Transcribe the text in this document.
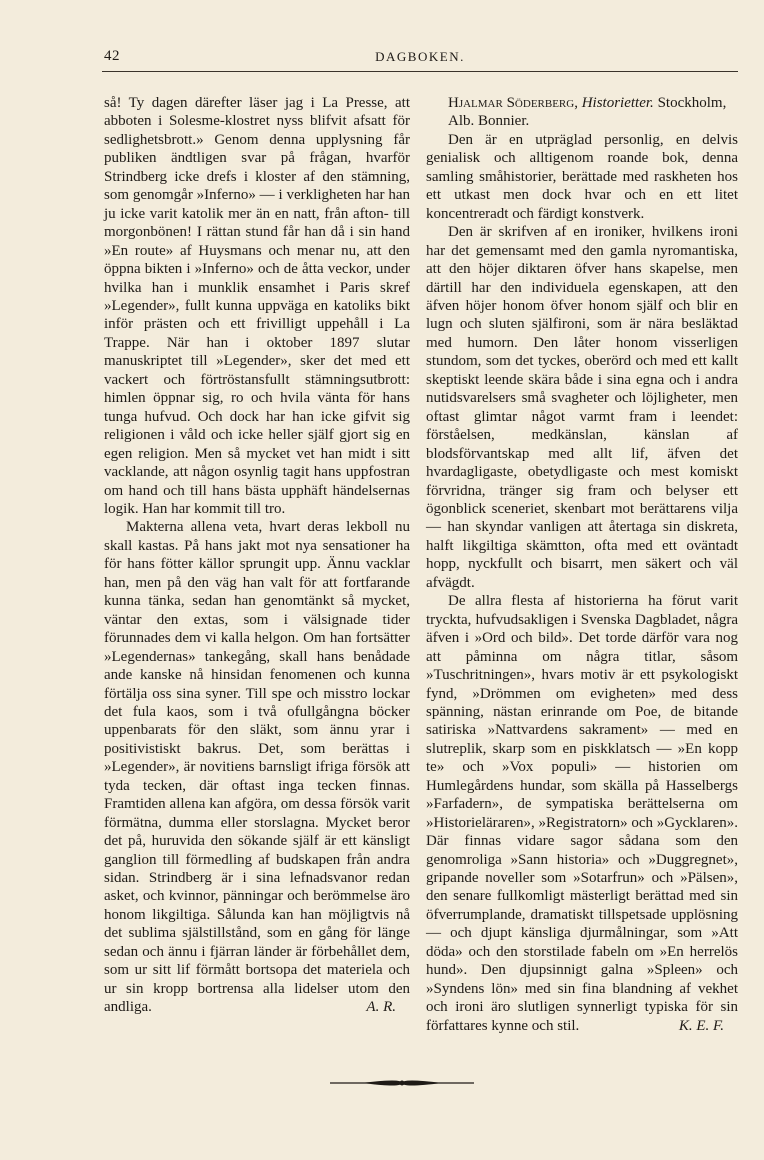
42	DAGBOKEN.

så! Ty dagen därefter läser jag i La Presse, att abboten i Solesme-klostret nyss blifvit afsatt för sedlighetsbrott.» Genom denna upplysning får publiken ändtligen svar på frågan, hvarför Strindberg icke drefs i kloster af den stämning, som genomgår »Inferno» — i verkligheten har han ju icke varit katolik mer än en natt, från afton- till morgonbönen! I rättan stund får han då i sin hand »En route» af Huysmans och menar nu, att den öppna bikten i »Inferno» och de åtta veckor, under hvilka han i munklik ensamhet i Paris skref »Legender», fullt kunna uppväga en katoliks bikt inför prästen och ett frivilligt uppehåll i La Trappe. När han i oktober 1897 slutar manuskriptet till »Legender», sker det med ett vackert och förtröstansfullt stämningsutbrott: himlen öppnar sig, ro och hvila vänta för hans tunga hufvud. Och dock har han icke gifvit sig religionen i våld och icke heller själf gjort sig en egen religion. Men så mycket vet han midt i sitt vacklande, att någon osynlig tagit hans uppfostran om hand och till hans bästa upphäft händelsernas logik. Han har kommit till tro.

Makterna allena veta, hvart deras lekboll nu skall kastas. På hans jakt mot nya sensationer ha för hans fötter källor sprungit upp. Ännu vacklar han, men på den väg han valt för att fortfarande kunna tänka, sedan han genomtänkt så mycket, väntar den extas, som i välsignade tider förunnades dem vi kalla helgon. Om han fortsätter »Legendernas» tankegång, skall hans benådade ande kanske nå hinsidan fenomenen och kunna förtälja oss sina syner. Till spe och misstro lockar det fula kaos, som i två ofullgångna böcker uppenbarats för den släkt, som ännu yrar i positivistiskt bakrus. Det, som berättas i »Legender», är novitiens barnsligt ifriga försök att tyda tecken, där oftast inga tecken finnas. Framtiden allena kan afgöra, om dessa försök varit förmätna, dumma eller storslagna. Mycket beror det på, huruvida den sökande själf är ett känsligt ganglion till förmedling af budskapen från andra sidan. Strindberg är i sina lefnadsvanor redan asket, och kvinnor, pänningar och berömmelse äro honom likgiltiga. Sålunda kan han möjligtvis nå det sublima själstillstånd, som en gång för länge sedan och ännu i fjärran länder är förbehållet dem, som ur sitt lif förmått bortsopa det materiela och ur sin kropp bortrensa alla lidelser utom den andliga.	A. R.

Hjalmar Söderberg, Historietter. Stockholm, Alb. Bonnier.

Den är en utpräglad personlig, en delvis genialisk och alltigenom roande bok, denna samling småhistorier, berättade med raskheten hos ett utkast men dock hvar och en ett litet koncentreradt och färdigt konstverk.

Den är skrifven af en ironiker, hvilkens ironi har det gemensamt med den gamla nyromantiska, att den höjer diktaren öfver hans skapelse, men därtill har den individuela egenskapen, att den äfven höjer honom öfver honom själf och blir en lugn och sluten själfironi, som är nära besläktad med humorn. Den låter honom visserligen stundom, som det tyckes, oberörd och med ett kallt skeptiskt leende skära både i sina egna och i andra nutidsvarelsers små svagheter och löjligheter, men oftast glimtar något varmt fram i leendet: förståelsen, medkänslan, känslan af blodsförvantskap med allt lif, äfven det hvardagligaste, obetydligaste och mest komiskt förvridna, tränger sig fram och belyser ett ögonblick sceneriet, skenbart mot berättarens vilja — han skyndar vanligen att återtaga sin diskreta, halft likgiltiga skämtton, ofta med ett oväntadt hopp, nyckfullt och bisarrt, men säkert och väl afvägdt.

De allra flesta af historierna ha förut varit tryckta, hufvudsakligen i Svenska Dagbladet, några äfven i »Ord och bild». Det torde därför vara nog att påminna om några titlar, såsom »Tuschritningen», hvars motiv är ett psykologiskt fynd, »Drömmen om evigheten» med dess spänning, nästan erinrande om Poe, de bitande satiriska »Nattvardens sakrament» — med en slutreplik, skarp som en piskklatsch — »En kopp te» och »Vox populi» — historien om Humlegårdens hundar, som skälla på Hasselbergs »Farfadern», de sympatiska berättelserna om »Historieläraren», »Registratorn» och »Gycklaren». Där finnas vidare sagor sådana som den genomroliga »Sann historia» och »Duggregnet», gripande noveller som »Sotarfrun» och »Pälsen», den senare fullkomligt mästerligt berättad med sin öfverrumplande, dramatiskt tillspetsade upplösning — och djupt känsliga djurmålningar, som »Att döda» och den storstilade fabeln om »En herrelös hund». Den djupsinnigt galna »Spleen» och »Syndens lön» med sin fina blandning af vekhet och ironi äro slutligen synnerligt typiska för sin författares kynne och stil.	K. E. F.
